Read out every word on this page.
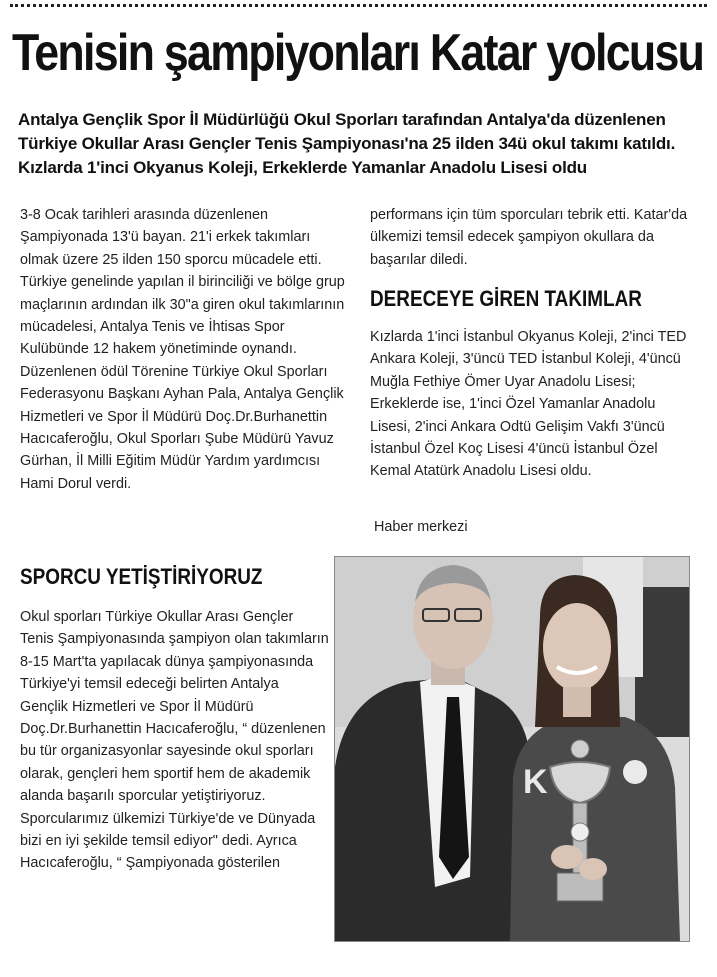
Tenisin şampiyonları Katar yolcusu

Antalya Gençlik Spor İl Müdürlüğü Okul Sporları tarafından Antalya'da düzenlenen Türkiye Okullar Arası Gençler Tenis Şampiyonası'na 25 ilden 34ü okul takımı katıldı. Kızlarda 1'inci Okyanus Koleji, Erkeklerde Yamanlar Anadolu Lisesi oldu

3-8 Ocak tarihleri arasında düzenlenen Şampiyonada 13'ü bayan. 21'i erkek takımları olmak üzere 25 ilden 150 sporcu mücadele etti. Türkiye genelinde yapılan il birinciliği ve bölge grup maçlarının ardından ilk 30"a giren okul takımlarının mücadelesi, Antalya Tenis ve İhtisas Spor Kulübünde 12 hakem yönetiminde oynandı. Düzenlenen ödül Törenine Türkiye Okul Sporları Federasyonu Başkanı Ayhan Pala, Antalya Gençlik Hizmetleri ve Spor İl Müdürü Doç.Dr.Burhanettin Hacıcaferoğlu, Okul Sporları Şube Müdürü Yavuz Gürhan, İl Milli Eğitim Müdür Yardım yardımcısı Hami Dorul verdi.

performans için tüm sporcuları tebrik etti. Katar'da ülkemizi temsil edecek şampiyon okullara da başarılar diledi.

DERECEYE GİREN TAKIMLAR

Kızlarda 1'inci İstanbul Okyanus Koleji, 2'inci TED Ankara Koleji, 3'üncü TED İstanbul Koleji, 4'üncü Muğla Fethiye Ömer Uyar Anadolu Lisesi; Erkeklerde ise, 1'inci Özel Yamanlar Anadolu Lisesi, 2'inci Ankara Odtü Gelişim Vakfı 3'üncü İstanbul Özel Koç Lisesi 4'üncü İstanbul Özel Kemal Atatürk Anadolu Lisesi oldu.

Haber merkezi

SPORCU YETİŞTİRİYORUZ

Okul sporları Türkiye Okullar Arası Gençler Tenis Şampiyonasında şampiyon olan takımların 8-15 Mart'ta yapılacak dünya şampiyonasında Türkiye'yi temsil edeceği belirten Antalya Gençlik Hizmetleri ve Spor İl Müdürü Doç.Dr.Burhanettin Hacıcaferoğlu, “ düzenlenen bu tür organizasyonlar sayesinde okul sporları olarak, gençleri hem sportif hem de akademik alanda başarılı sporcular yetiştiriyoruz. Sporcularımız ülkemizi Türkiye'de ve Dünyada bizi en iyi şekilde temsil ediyor" dedi. Ayrıca Hacıcaferoğlu, “ Şampiyonada gösterilen

K
